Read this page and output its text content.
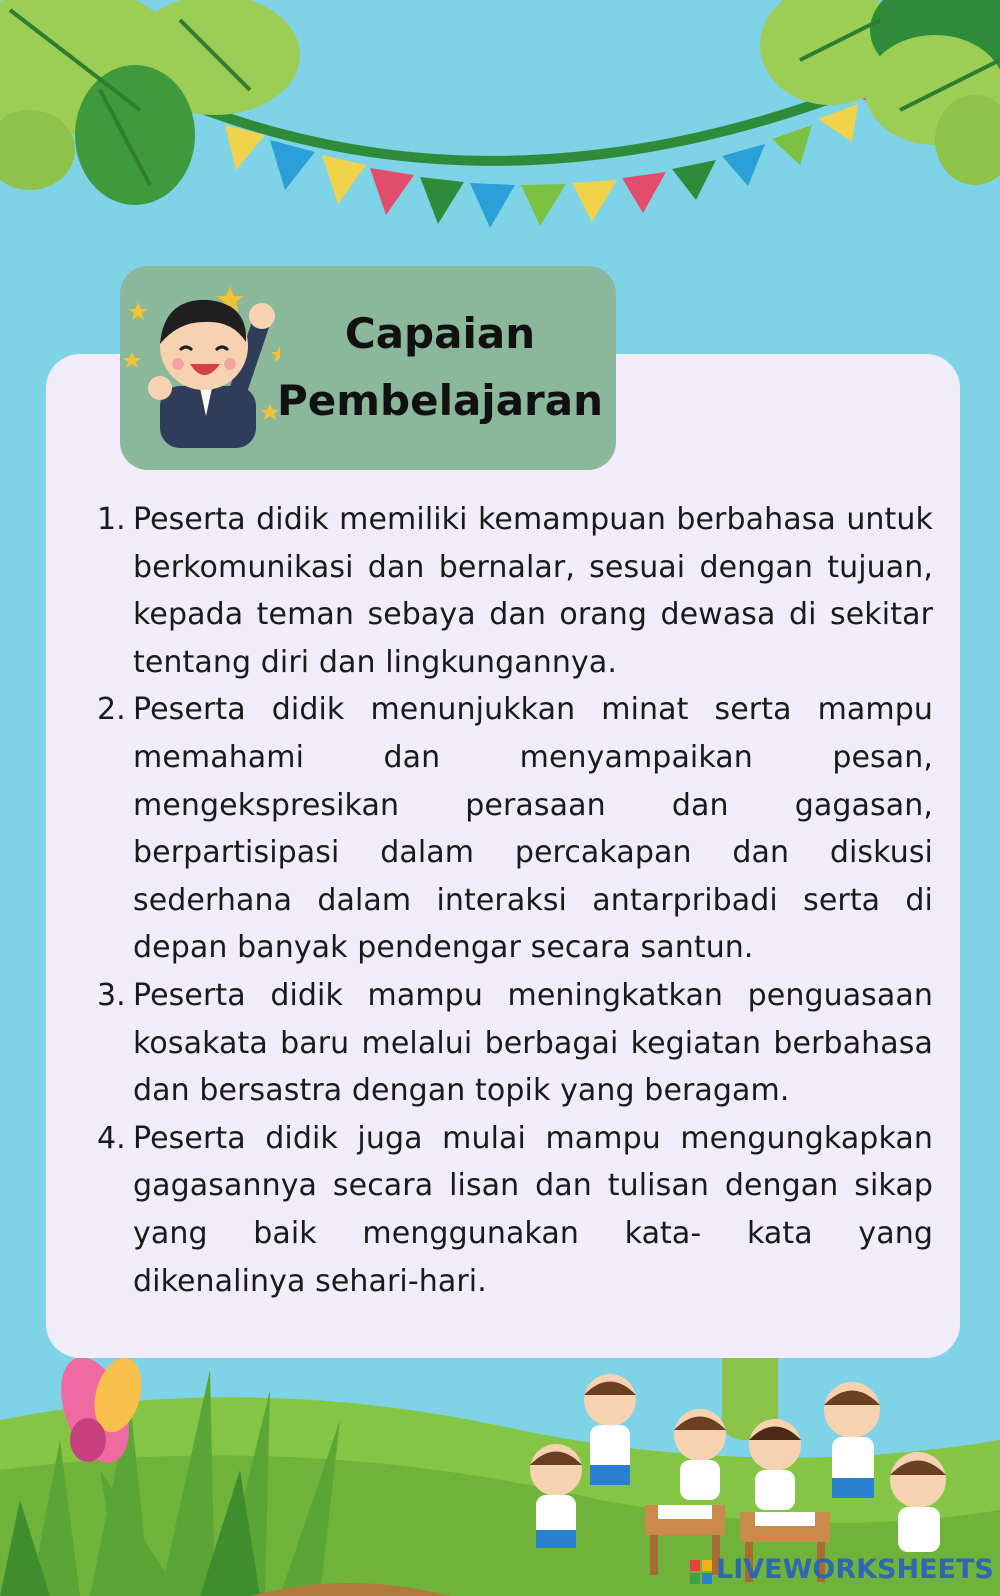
Capaian
Pembelajaran
1. Peserta didik memiliki kemampuan berbahasa untuk berkomunikasi dan bernalar, sesuai dengan tujuan, kepada teman sebaya dan orang dewasa di sekitar tentang diri dan lingkungannya.
2. Peserta didik menunjukkan minat serta mampu memahami dan menyampaikan pesan, mengekspresikan perasaan dan gagasan, berpartisipasi dalam percakapan dan diskusi sederhana dalam interaksi antarpribadi serta di depan banyak pendengar secara santun.
3. Peserta didik mampu meningkatkan penguasaan kosakata baru melalui berbagai kegiatan berbahasa dan bersastra dengan topik yang beragam.
4. Peserta didik juga mulai mampu mengungkapkan gagasannya secara lisan dan tulisan dengan sikap yang baik menggunakan kata- kata yang dikenalinya sehari-hari.
LIVEWORKSHEETS
